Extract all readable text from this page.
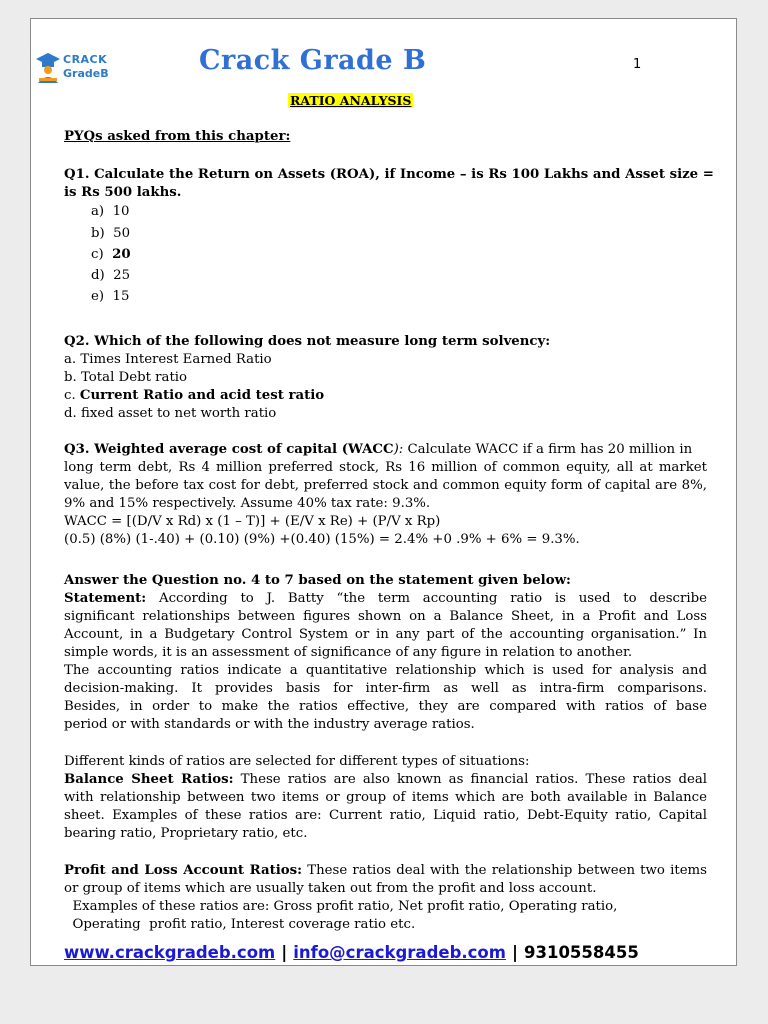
CRACK
GradeB	Crack Grade B	1
RATIO ANALYSIS
PYQs asked from this chapter:
Q1. Calculate the Return on Assets (ROA), if Income – is Rs 100 Lakhs and Asset size =
is Rs 500 lakhs.
a) 10
b) 50
c) 20
d) 25
e) 15
Q2. Which of the following does not measure long term solvency:
a. Times Interest Earned Ratio
b. Total Debt ratio
c. Current Ratio and acid test ratio
d. fixed asset to net worth ratio
Q3. Weighted average cost of capital (WACC): Calculate WACC if a firm has 20 million in
long term debt, Rs 4 million preferred stock, Rs 16 million of common equity, all at market
value, the before tax cost for debt, preferred stock and common equity form of capital are 8%,
9% and 15% respectively. Assume 40% tax rate: 9.3%.
WACC = [(D/V x Rd) x (1 – T)] + (E/V x Re) + (P/V x Rp)
(0.5) (8%) (1-.40) + (0.10) (9%) +(0.40) (15%) = 2.4% +0 .9% + 6% = 9.3%.
Answer the Question no. 4 to 7 based on the statement given below:
Statement: According to J. Batty “the term accounting ratio is used to describe
significant relationships between figures shown on a Balance Sheet, in a Profit and Loss
Account, in a Budgetary Control System or in any part of the accounting organisation.” In
simple words, it is an assessment of significance of any figure in relation to another.
The accounting ratios indicate a quantitative relationship which is used for analysis and
decision-making. It provides basis for inter-firm as well as intra-firm comparisons.
Besides, in order to make the ratios effective, they are compared with ratios of base
period or with standards or with the industry average ratios.
Different kinds of ratios are selected for different types of situations:
Balance Sheet Ratios: These ratios are also known as financial ratios. These ratios deal
with relationship between two items or group of items which are both available in Balance
sheet. Examples of these ratios are: Current ratio, Liquid ratio, Debt-Equity ratio, Capital
bearing ratio, Proprietary ratio, etc.
Profit and Loss Account Ratios: These ratios deal with the relationship between two items
or group of items which are usually taken out from the profit and loss account.
Examples of these ratios are: Gross profit ratio, Net profit ratio, Operating ratio,
Operating  profit ratio, Interest coverage ratio etc.
www.crackgradeb.com | info@crackgradeb.com | 9310558455
